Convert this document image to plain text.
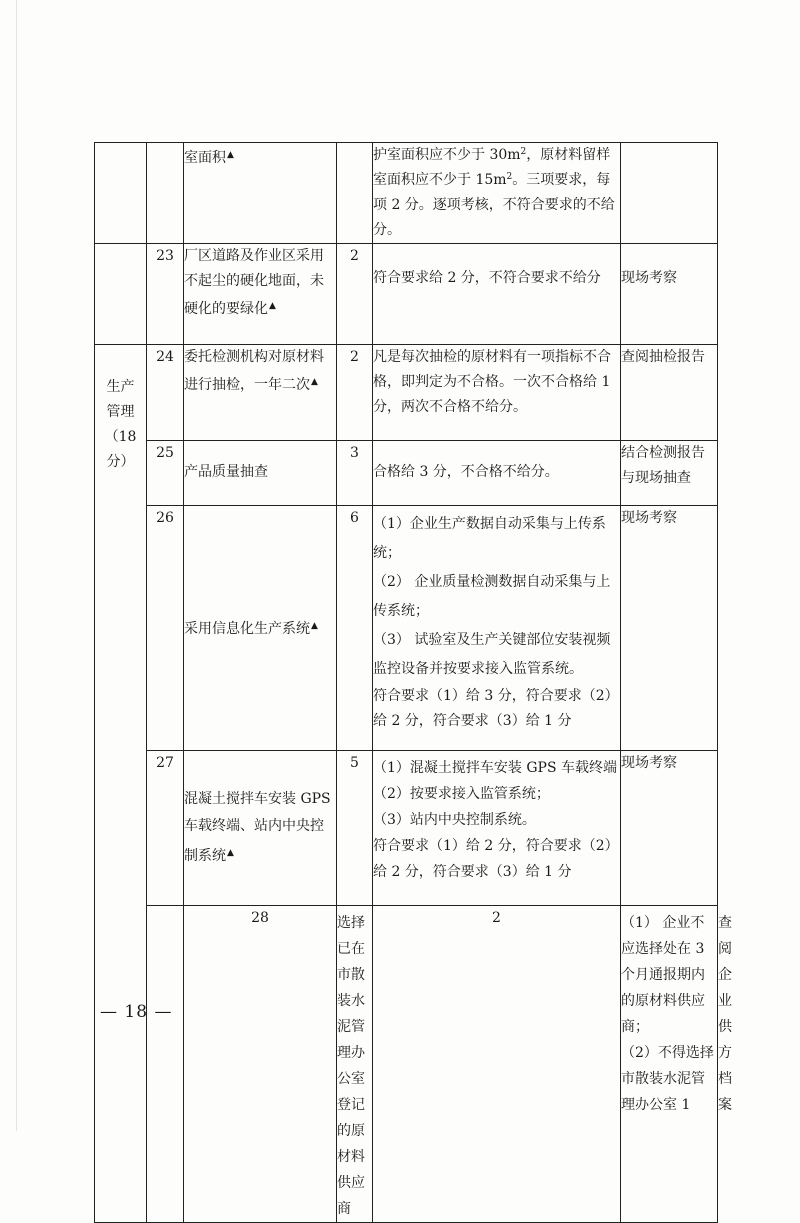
		室面积▲		护室面积应不少于 $30m^2$，原材料留样室面积应不少于 $15m^2$。三项要求，每项 2 分。逐项考核，不符合要求的不给分。		

	23	厂区道路及作业区采用不起尘的硬化地面，未硬化的要绿化▲	2	符合要求给 2 分，不符合要求不给分	现场考察	

生产
管理
（18
分）	24	委托检测机构对原材料进行抽检，一年二次▲	2	凡是每次抽检的原材料有一项指标不合格，即判定为不合格。一次不合格给 1 分，两次不合格不给分。	查阅抽检报告	
	25	产品质量抽查	3	合格给 3 分，不合格不给分。	结合检测报告与现场抽查	
	26	采用信息化生产系统▲	6	（1）企业生产数据自动采集与上传系统；

（2） 企业质量检测数据自动采集与上传系统；

（3） 试验室及生产关键部位安装视频监控设备并按要求接入监管系统。

符合要求（1）给 3 分，符合要求（2）给 2 分，符合要求（3）给 1 分	现场考察	
	27	混凝土搅拌车安装 GPS 车载终端、站内中央控制系统▲	5	（1）混凝土搅拌车安装 GPS 车载终端

（2）按要求接入监管系统；

（3）站内中央控制系统。

符合要求（1）给 2 分，符合要求（2）给 2 分，符合要求（3）给 1 分	现场考察	
		28	选择已在市散装水泥管理办公室登记的原材料供应商	2	（1） 企业不应选择处在 3 个月通报期内的原材料供应商；

（2）不得选择市散装水泥管理办公室 1	查阅企业供方档案
— 18 —
